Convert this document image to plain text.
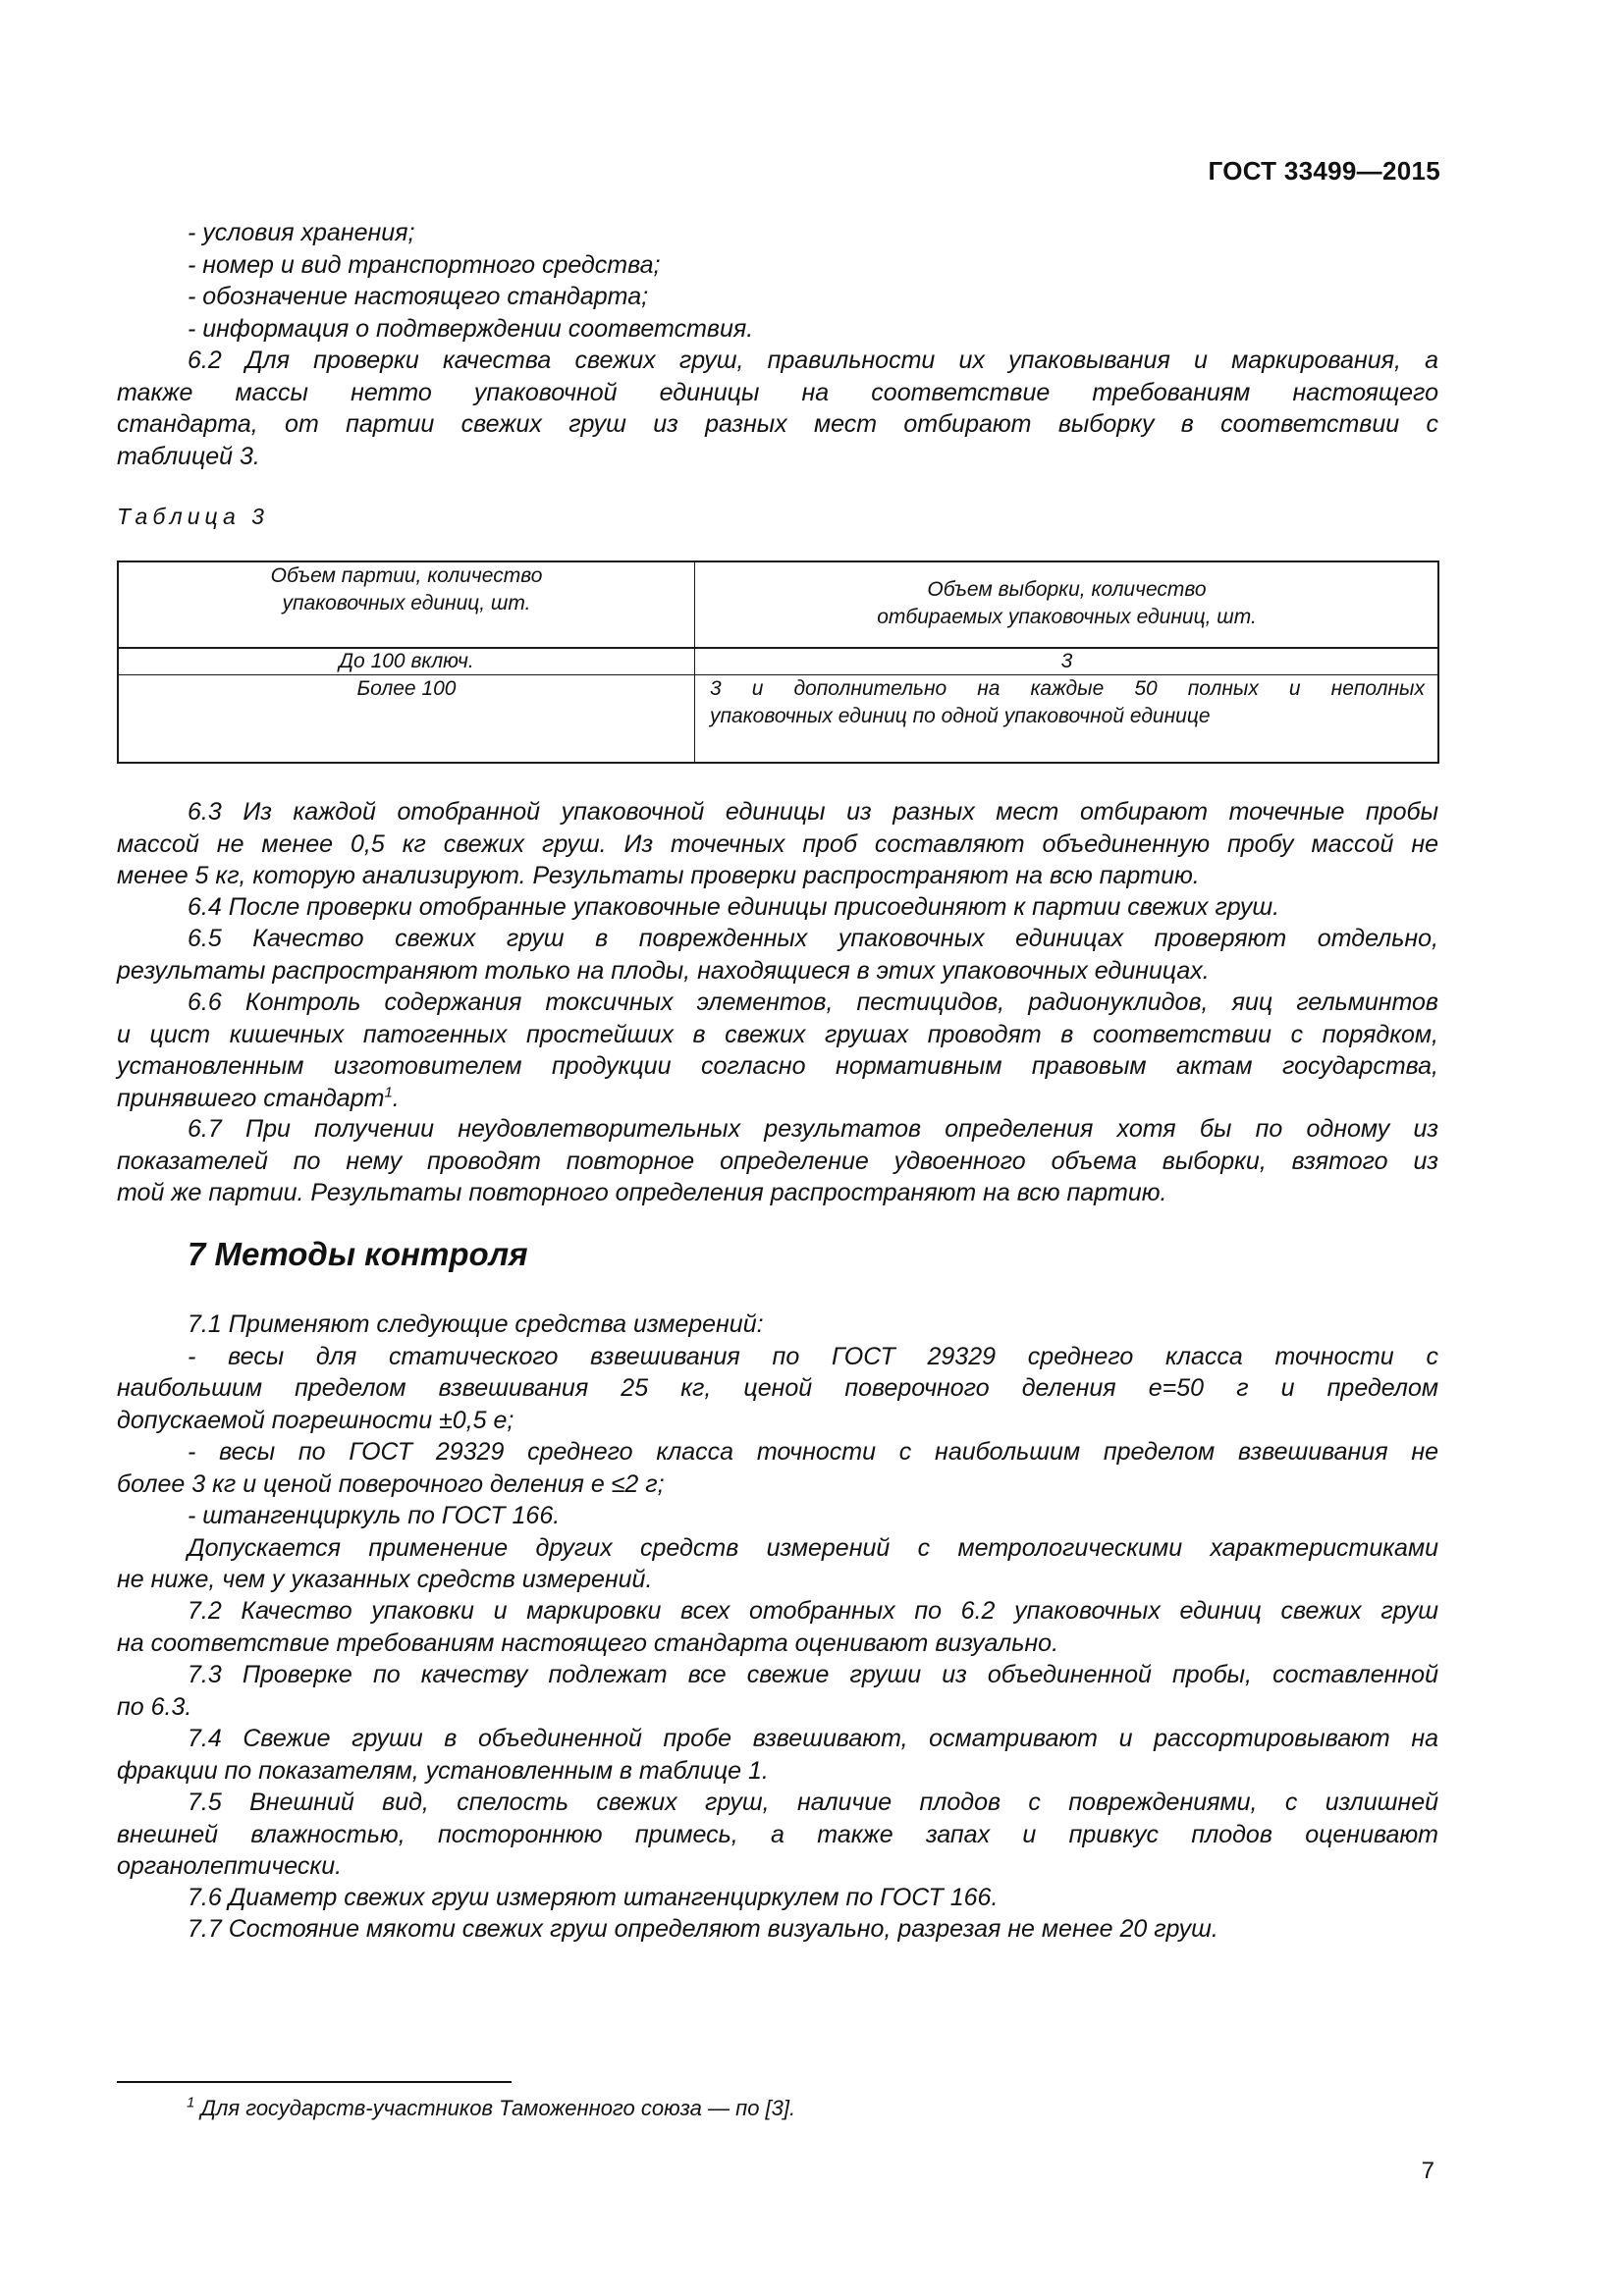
ГОСТ 33499—2015
- условия хранения;
- номер и вид транспортного средства;
- обозначение настоящего стандарта;
- информация о подтверждении соответствия.
6.2 Для проверки качества свежих груш, правильности их упаковывания и маркирования, а
также массы нетто упаковочной единицы на соответствие требованиям настоящего
стандарта, от партии свежих груш из разных мест отбирают выборку в соответствии с
таблицей 3.
Таблица 3
Объем партии, количество
упаковочных единиц, шт.
Объем выборки, количество
отбираемых упаковочных единиц, шт.
До 100 включ.	3
Более 100	3 и дополнительно на каждые 50 полных и неполных
упаковочных единиц по одной упаковочной единице
6.3 Из каждой отобранной упаковочной единицы из разных мест отбирают точечные пробы
массой не менее 0,5 кг свежих груш. Из точечных проб составляют объединенную пробу массой не
менее 5 кг, которую анализируют. Результаты проверки распространяют на всю партию.
6.4 После проверки отобранные упаковочные единицы присоединяют к партии свежих груш.
6.5 Качество свежих груш в поврежденных упаковочных единицах проверяют отдельно,
результаты распространяют только на плоды, находящиеся в этих упаковочных единицах.
6.6 Контроль содержания токсичных элементов, пестицидов, радионуклидов, яиц гельминтов
и цист кишечных патогенных простейших в свежих грушах проводят в соответствии с порядком,
установленным изготовителем продукции согласно нормативным правовым актам государства,
принявшего стандарт$^1$.
6.7 При получении неудовлетворительных результатов определения хотя бы по одному из
показателей по нему проводят повторное определение удвоенного объема выборки, взятого из
той же партии. Результаты повторного определения распространяют на всю партию.
7 Методы контроля
7.1 Применяют следующие средства измерений:
- весы для статического взвешивания по ГОСТ 29329 среднего класса точности с
наибольшим пределом взвешивания 25 кг, ценой поверочного деления е=50 г и пределом
допускаемой погрешности ±0,5 е;
- весы по ГОСТ 29329 среднего класса точности с наибольшим пределом взвешивания не
более 3 кг и ценой поверочного деления е ≤2 г;
- штангенциркуль по ГОСТ 166.
Допускается применение других средств измерений с метрологическими характеристиками
не ниже, чем у указанных средств измерений.
7.2 Качество упаковки и маркировки всех отобранных по 6.2 упаковочных единиц свежих груш
на соответствие требованиям настоящего стандарта оценивают визуально.
7.3 Проверке по качеству подлежат все свежие груши из объединенной пробы, составленной
по 6.3.
7.4 Свежие груши в объединенной пробе взвешивают, осматривают и рассортировывают на
фракции по показателям, установленным в таблице 1.
7.5 Внешний вид, спелость свежих груш, наличие плодов с повреждениями, с излишней
внешней влажностью, постороннюю примесь, а также запах и привкус плодов оценивают
органолептически.
7.6 Диаметр свежих груш измеряют штангенциркулем по ГОСТ 166.
7.7 Состояние мякоти свежих груш определяют визуально, разрезая не менее 20 груш.
$^1$ Для государств-участников Таможенного союза — по [3].
7
